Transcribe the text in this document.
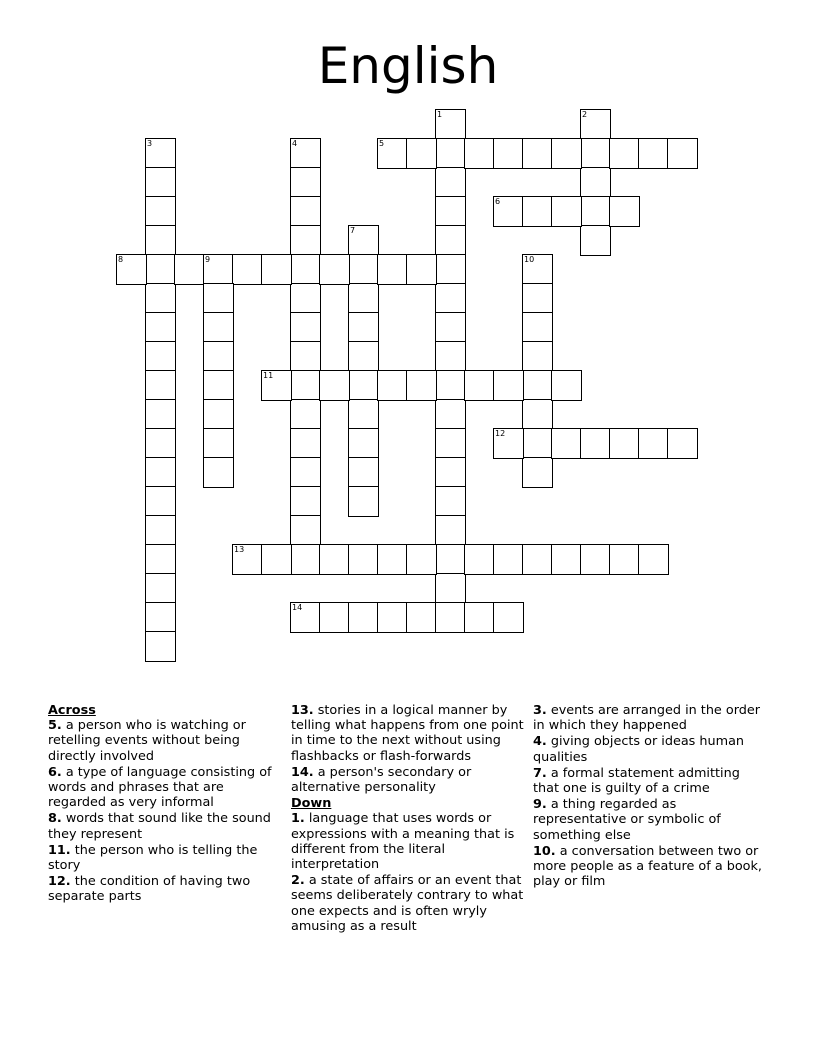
English
1	2
3	4	5
6
7
8	9	10
11
12
13
14
Across
5. a person who is watching or retelling events without being directly involved
6. a type of language consisting of words and phrases that are regarded as very informal
8. words that sound like the sound they represent
11. the person who is telling the story
12. the condition of having two separate parts
13. stories in a logical manner by telling what happens from one point in time to the next without using flashbacks or flash-forwards
14. a person's secondary or alternative personality
Down
1. language that uses words or expressions with a meaning that is different from the literal interpretation
2. a state of affairs or an event that seems deliberately contrary to what one expects and is often wryly amusing as a result
3. events are arranged in the order in which they happened
4. giving objects or ideas human qualities
7. a formal statement admitting that one is guilty of a crime
9. a thing regarded as representative or symbolic of something else
10. a conversation between two or more people as a feature of a book, play or film
